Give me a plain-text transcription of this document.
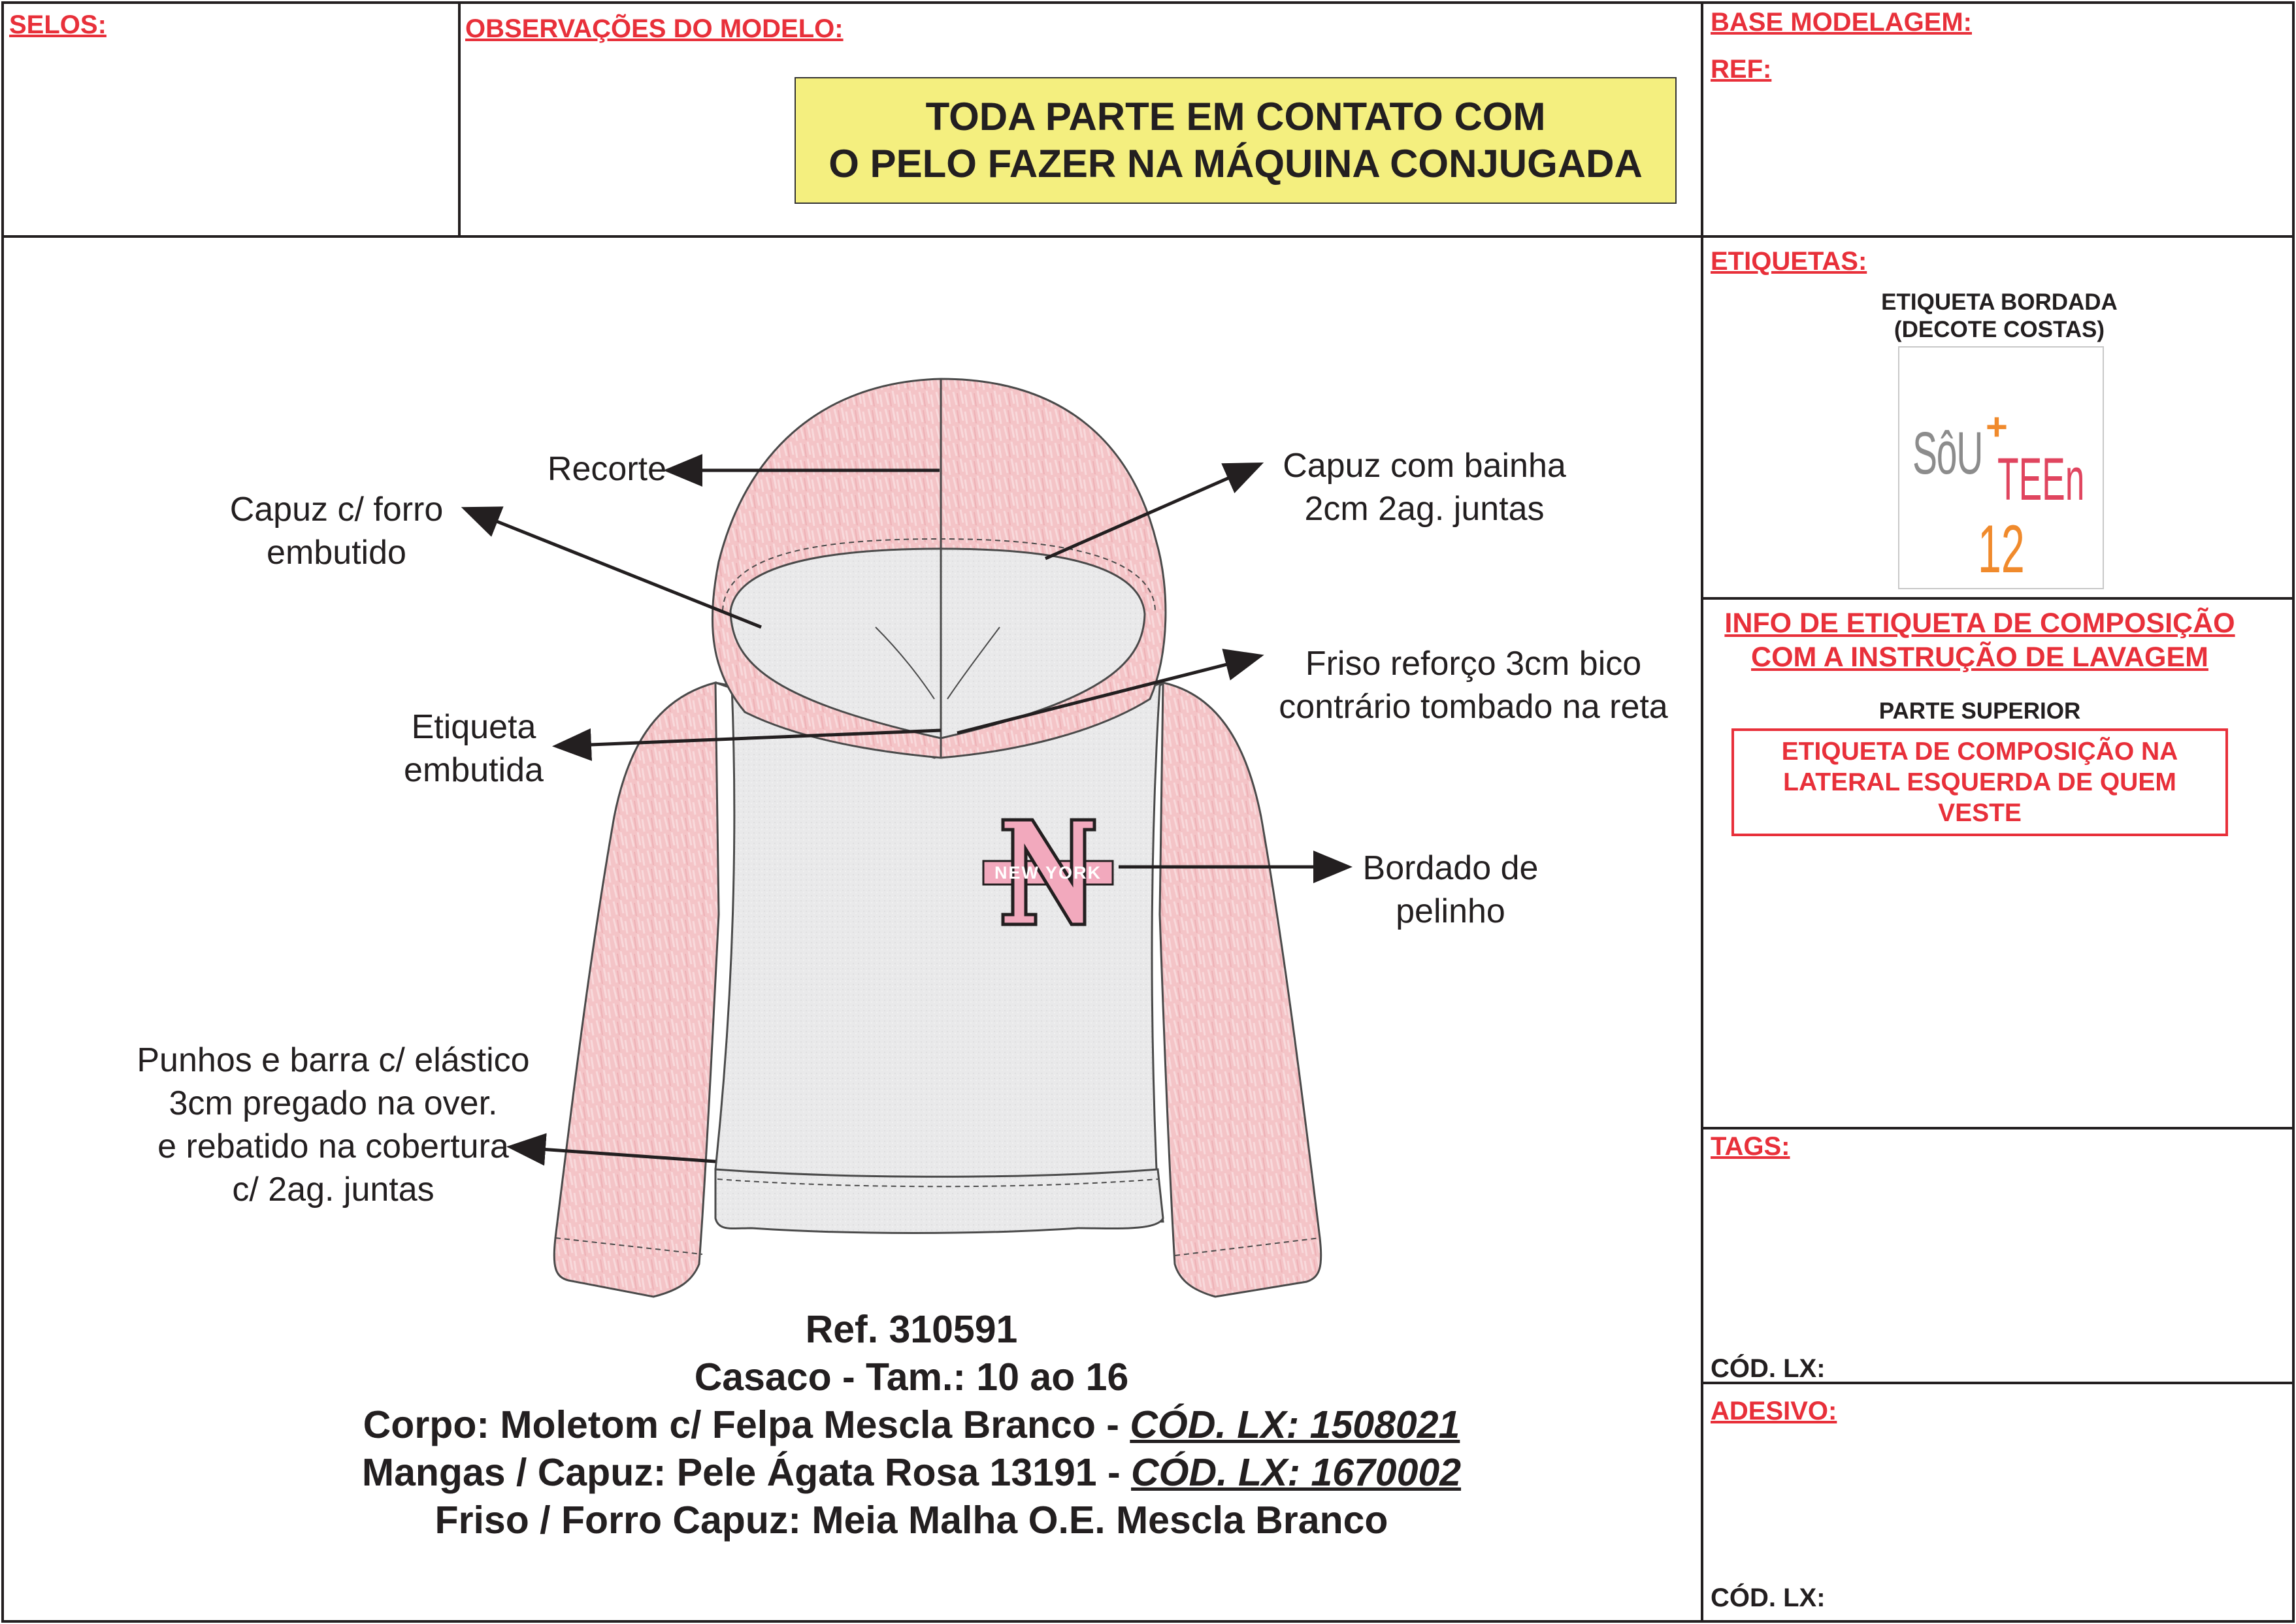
SELOS:	OBSERVAÇÕES DO MODELO:	BASE MODELAGEM:
REF:
TODA PARTE EM CONTATO COM
O PELO FAZER NA MÁQUINA CONJUGADA
ETIQUETAS:
ETIQUETA BORDADA
(DECOTE COSTAS)
SôU +
TEEn
12
INFO DE ETIQUETA DE COMPOSIÇÃO
COM A INSTRUÇÃO DE LAVAGEM
PARTE SUPERIOR
ETIQUETA DE COMPOSIÇÃO NA
LATERAL ESQUERDA DE QUEM
VESTE
TAGS:
CÓD. LX:
ADESIVO:
CÓD. LX:
NEW YORK
Recorte
Capuz c/ forro
embutido
Capuz com bainha
2cm 2ag. juntas
Etiqueta
embutida
Friso reforço 3cm bico
contrário tombado na reta
Bordado de
pelinho
Punhos e barra c/ elástico
3cm pregado na over.
e rebatido na cobertura
c/ 2ag. juntas
Ref. 310591
Casaco - Tam.: 10 ao 16
Corpo: Moletom c/ Felpa Mescla Branco - CÓD. LX: 1508021
Mangas / Capuz: Pele Ágata Rosa 13191 - CÓD. LX: 1670002
Friso / Forro Capuz: Meia Malha O.E. Mescla Branco
